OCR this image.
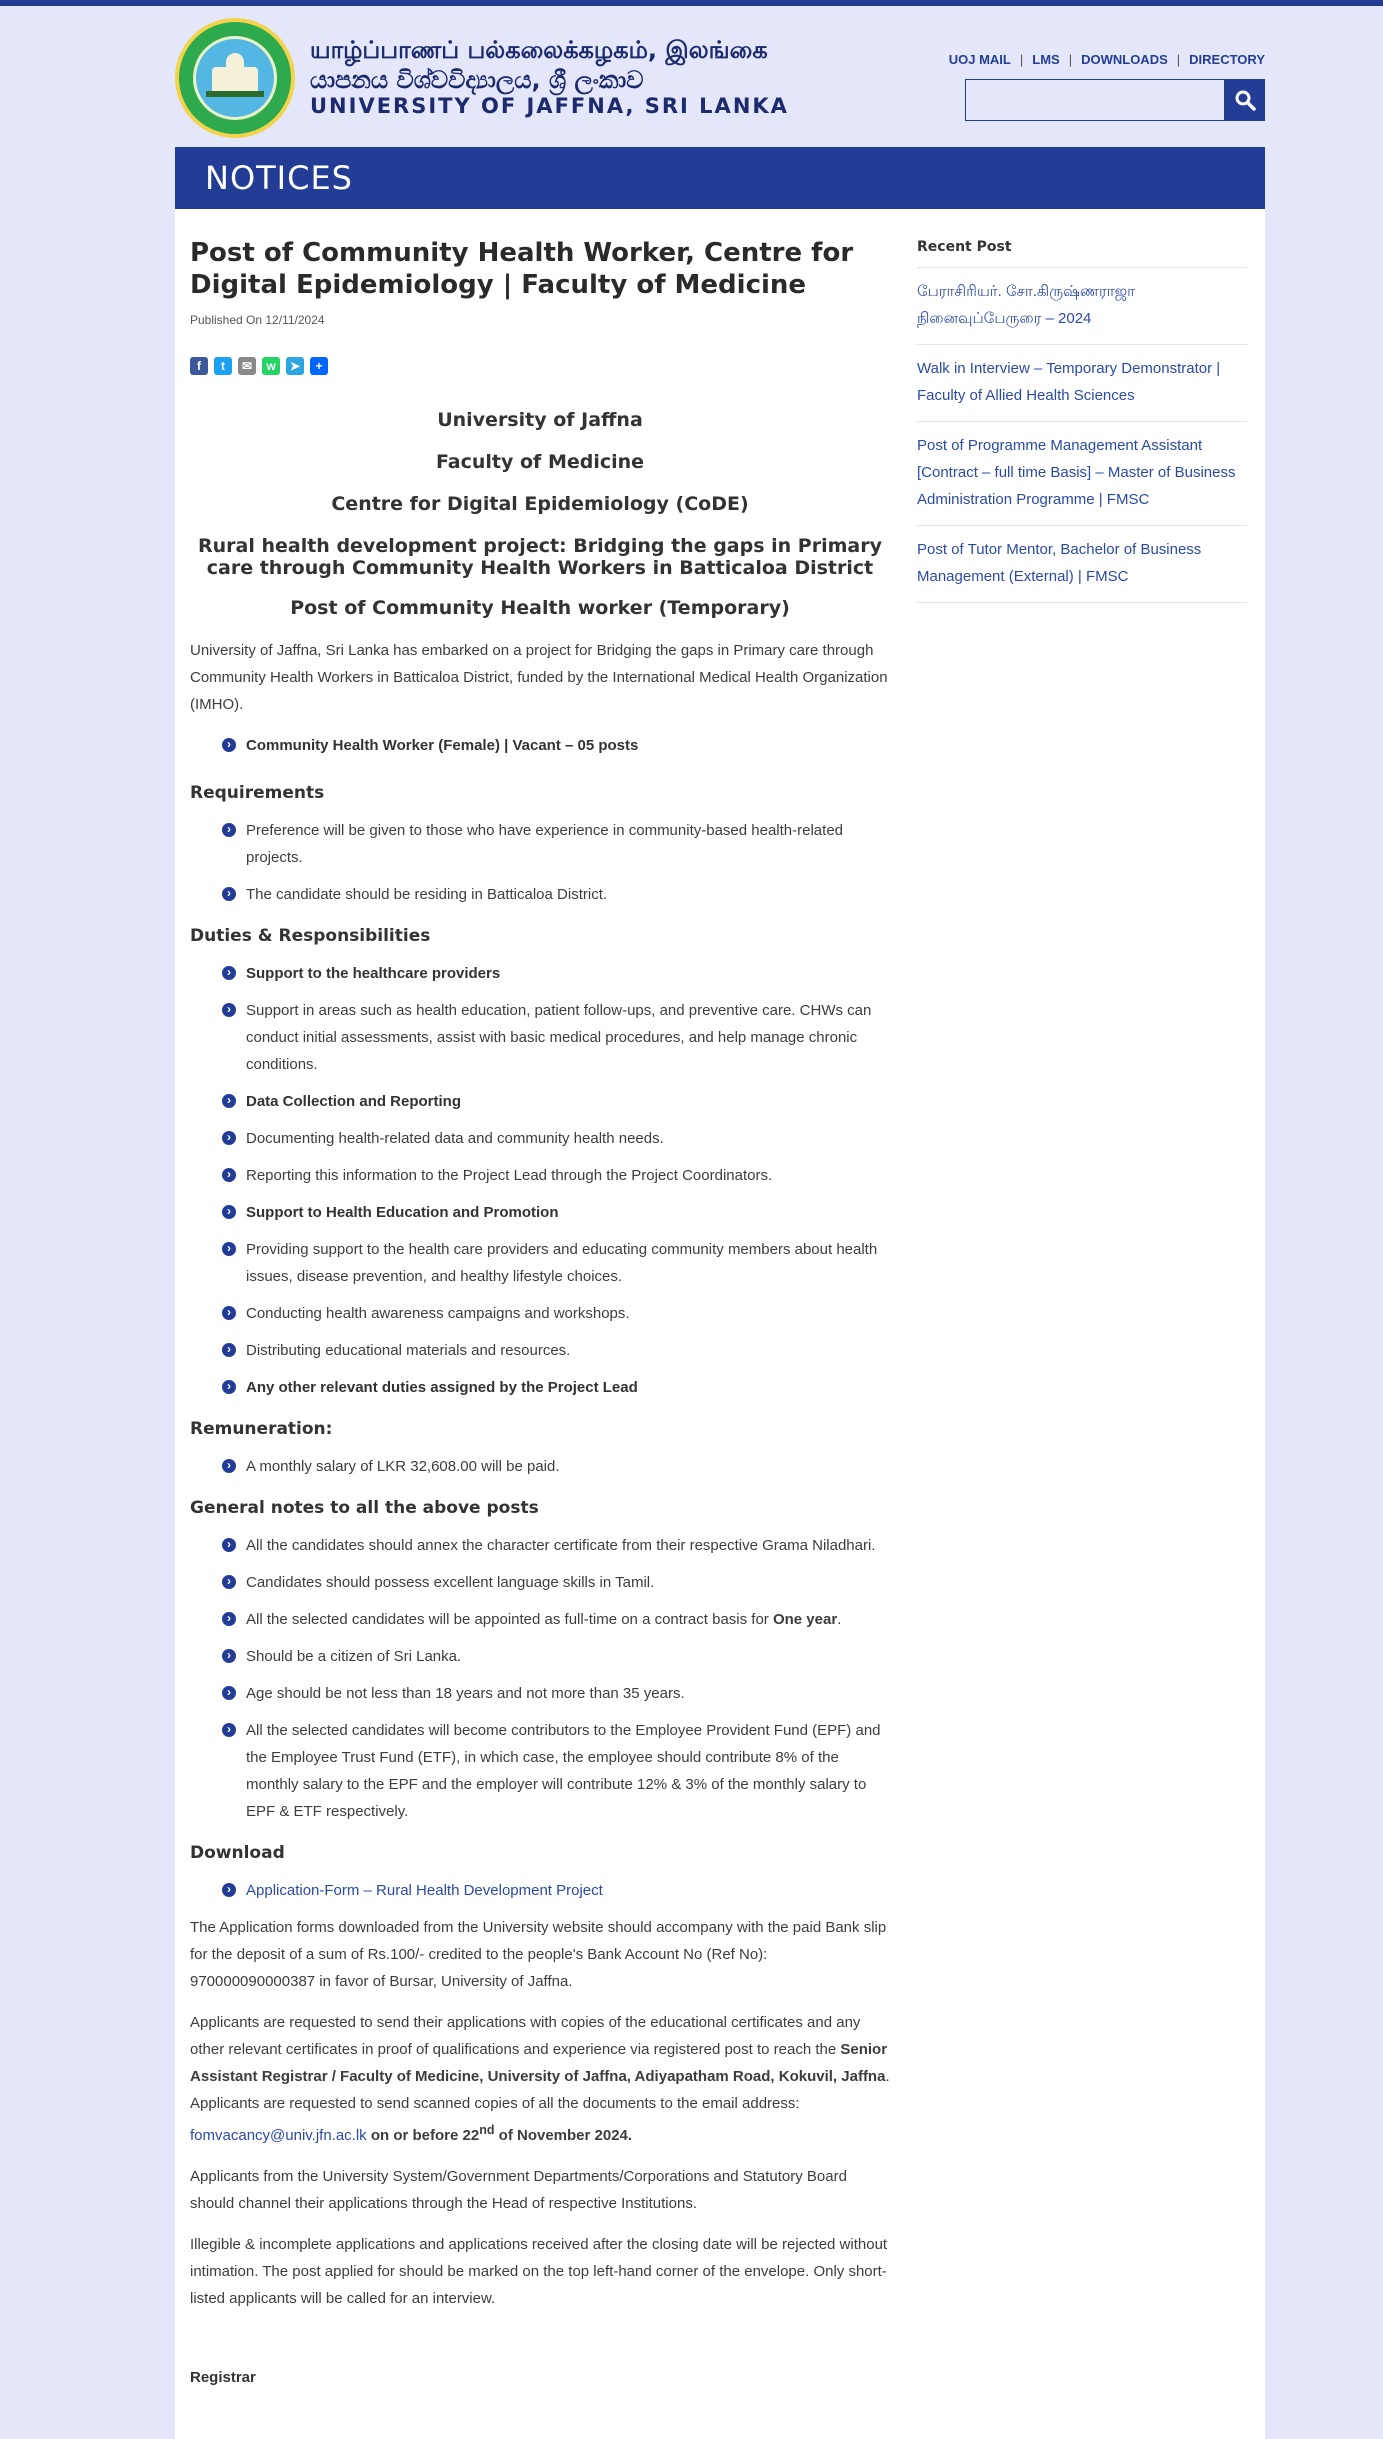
யாழ்ப்பாணப் பல்கலைக்கழகம், இலங்கை
යාපනය විශ්වවිද්‍යාලය, ශ්‍රී ලංකාව
UNIVERSITY OF JAFFNA, SRI LANKA
UOJ MAIL | LMS | DOWNLOADS | DIRECTORY
NOTICES
Post of Community Health Worker, Centre for Digital Epidemiology | Faculty of Medicine
Published On 12/11/2024
f	t	✉	w	➤	+
University of Jaffna
Faculty of Medicine
Centre for Digital Epidemiology (CoDE)
Rural health development project: Bridging the gaps in Primary care through Community Health Workers in Batticaloa District
Post of Community Health worker (Temporary)

University of Jaffna, Sri Lanka has embarked on a project for Bridging the gaps in Primary care through Community Health Workers in Batticaloa District, funded by the International Medical Health Organization (IMHO).

› Community Health Worker (Female) | Vacant – 05 posts
Requirements
› Preference will be given to those who have experience in community-based health-related projects.
› The candidate should be residing in Batticaloa District.
Duties & Responsibilities
› Support to the healthcare providers
› Support in areas such as health education, patient follow-ups, and preventive care. CHWs can conduct initial assessments, assist with basic medical procedures, and help manage chronic conditions.
› Data Collection and Reporting
› Documenting health-related data and community health needs.
› Reporting this information to the Project Lead through the Project Coordinators.
› Support to Health Education and Promotion
› Providing support to the health care providers and educating community members about health issues, disease prevention, and healthy lifestyle choices.
› Conducting health awareness campaigns and workshops.
› Distributing educational materials and resources.
› Any other relevant duties assigned by the Project Lead
Remuneration:
› A monthly salary of LKR 32,608.00 will be paid.
General notes to all the above posts
› All the candidates should annex the character certificate from their respective Grama Niladhari.
› Candidates should possess excellent language skills in Tamil.
› All the selected candidates will be appointed as full-time on a contract basis for One year.
› Should be a citizen of Sri Lanka.
› Age should be not less than 18 years and not more than 35 years.
› All the selected candidates will become contributors to the Employee Provident Fund (EPF) and the Employee Trust Fund (ETF), in which case, the employee should contribute 8% of the monthly salary to the EPF and the employer will contribute 12% & 3% of the monthly salary to EPF & ETF respectively.
Download
› Application-Form – Rural Health Development Project

The Application forms downloaded from the University website should accompany with the paid Bank slip for the deposit of a sum of Rs.100/- credited to the people's Bank Account No (Ref No): 970000090000387 in favor of Bursar, University of Jaffna.

Applicants are requested to send their applications with copies of the educational certificates and any other relevant certificates in proof of qualifications and experience via registered post to reach the Senior Assistant Registrar / Faculty of Medicine, University of Jaffna, Adiyapatham Road, Kokuvil, Jaffna. Applicants are requested to send scanned copies of all the documents to the email address: fomvacancy@univ.jfn.ac.lk on or before 22nd of November 2024.

Applicants from the University System/Government Departments/Corporations and Statutory Board should channel their applications through the Head of respective Institutions.

Illegible & incomplete applications and applications received after the closing date will be rejected without intimation. The post applied for should be marked on the top left-hand corner of the envelope. Only short-listed applicants will be called for an interview.

Registrar

Recent Post
பேராசிரியர். சோ.கிருஷ்ணராஜா நினைவுப்பேருரை – 2024
Walk in Interview – Temporary Demonstrator | Faculty of Allied Health Sciences
Post of Programme Management Assistant [Contract – full time Basis] – Master of Business Administration Programme | FMSC
Post of Tutor Mentor, Bachelor of Business Management (External) | FMSC
